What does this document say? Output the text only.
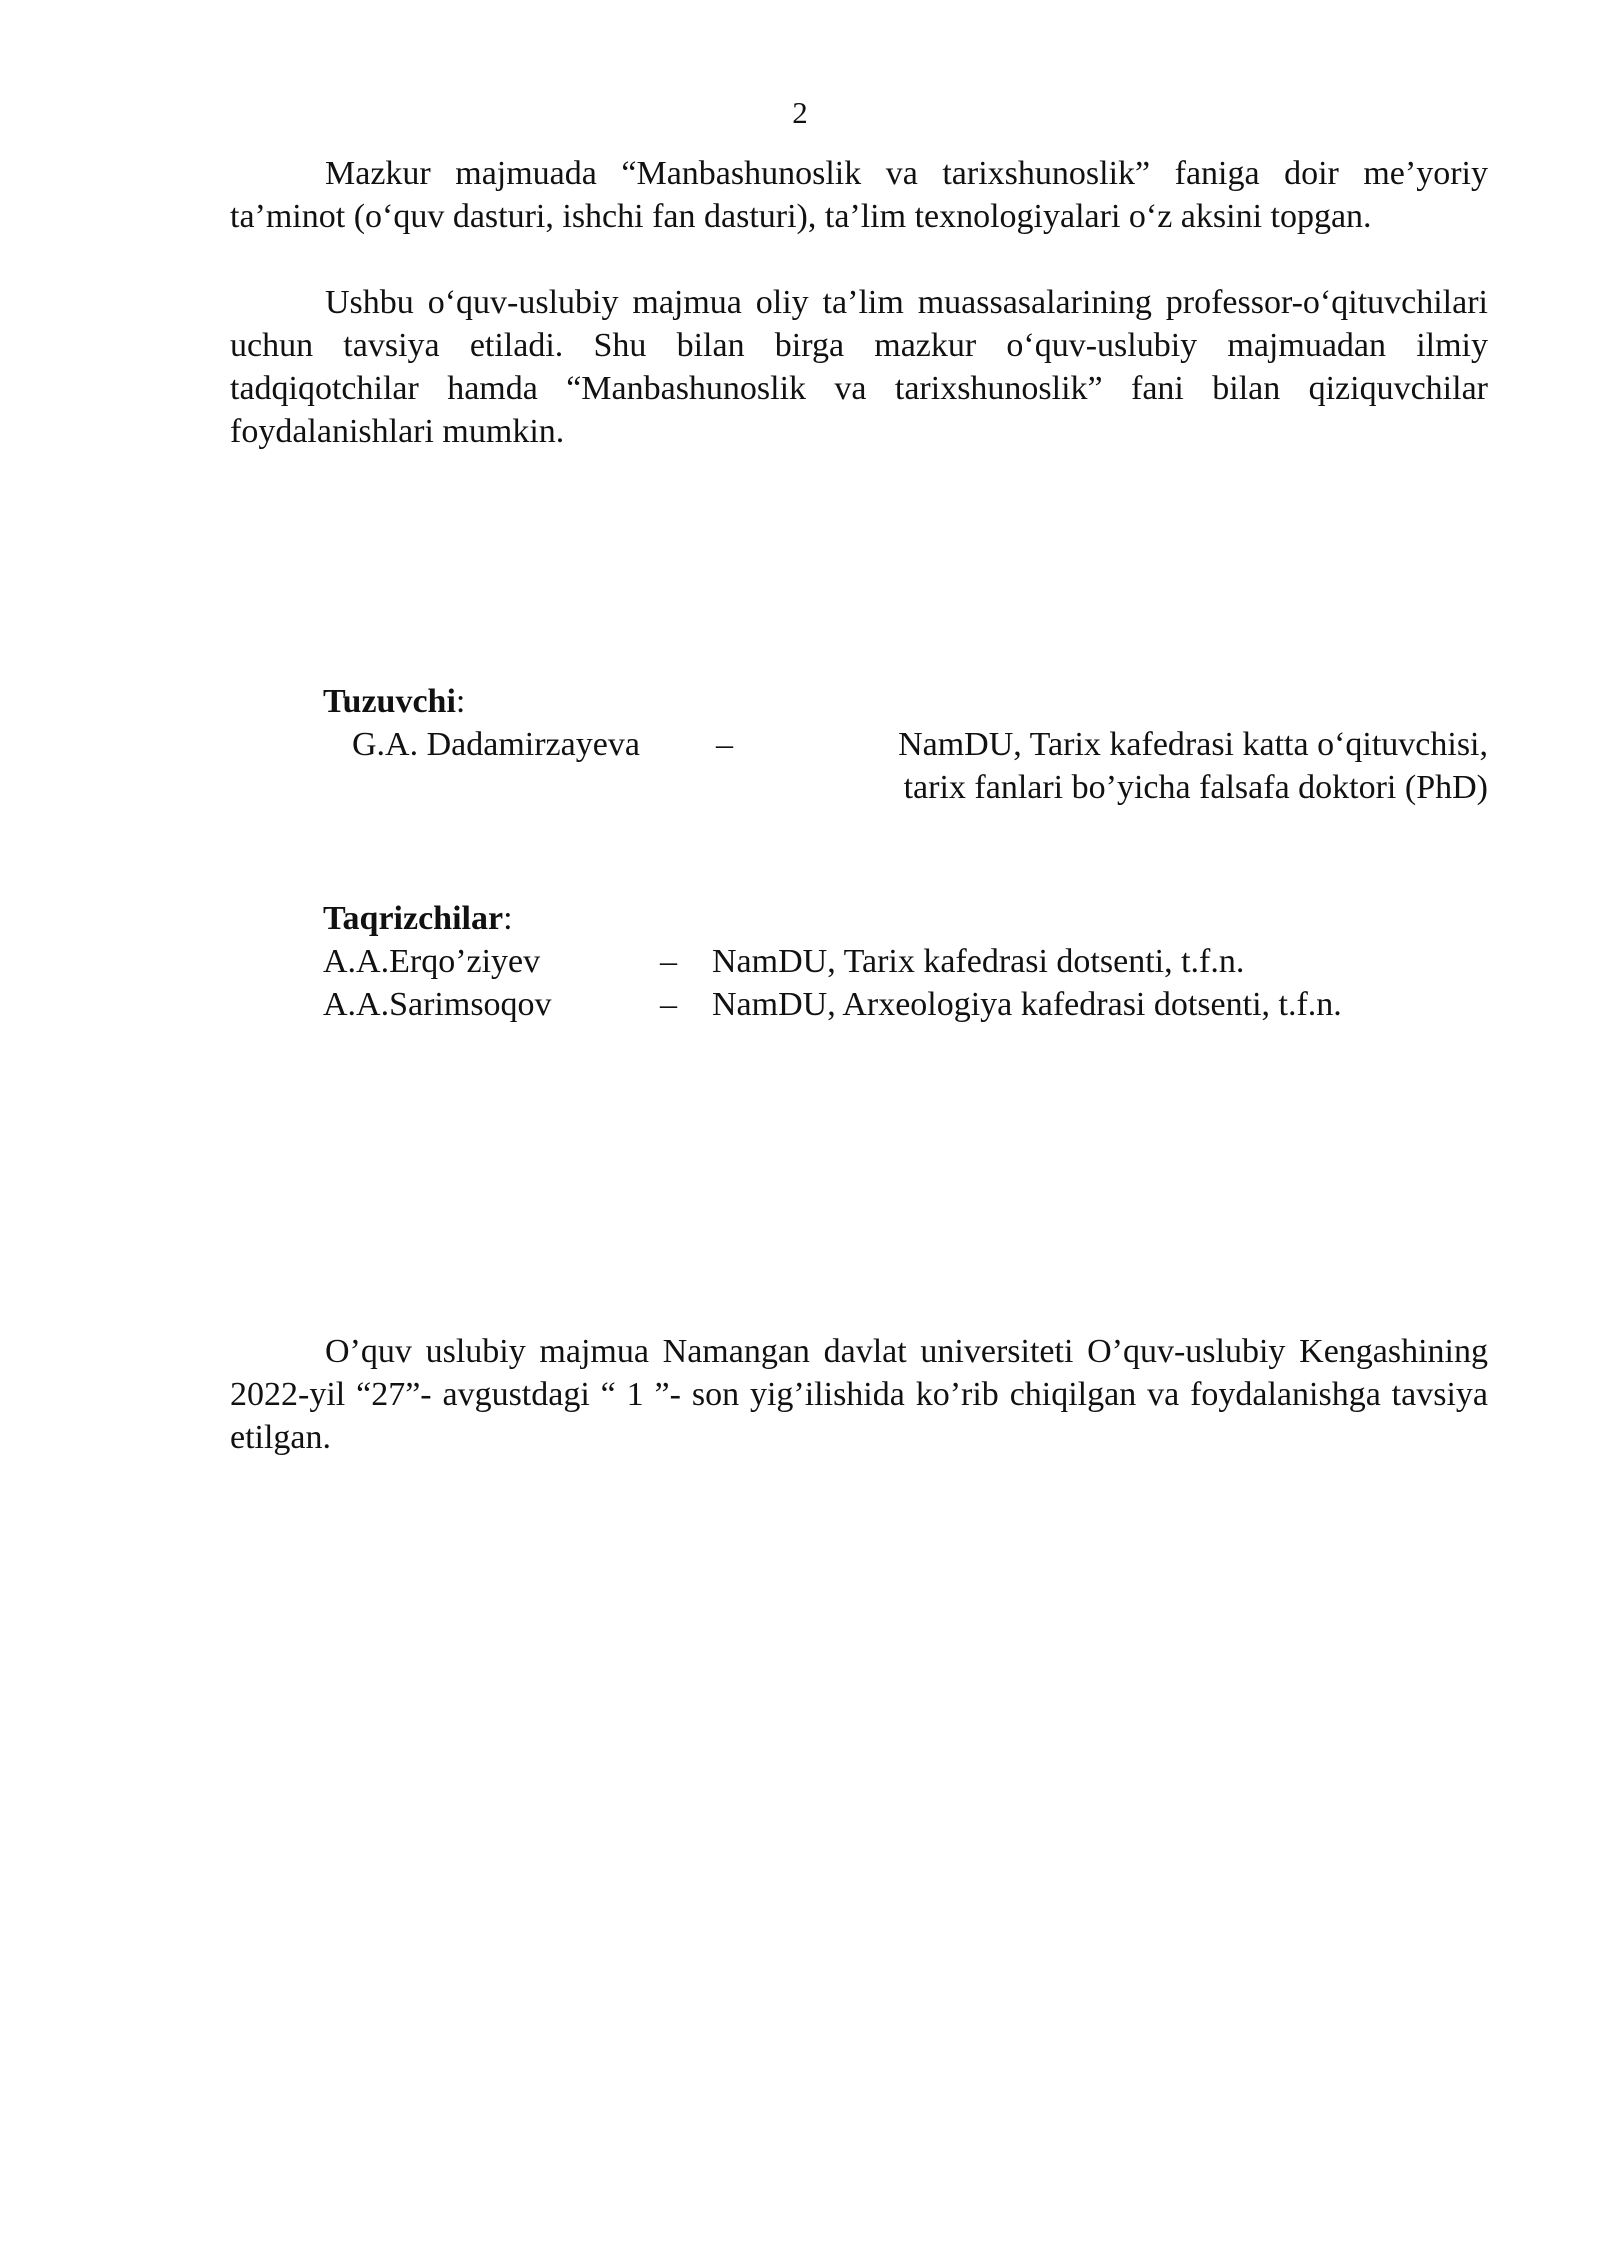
2

Mazkur majmuada “Manbashunoslik va tarixshunoslik” faniga doir me’yoriy ta’minot (o‘quv dasturi, ishchi fan dasturi), ta’lim texnologiyalari o‘z aksini topgan.

Ushbu o‘quv-uslubiy majmua oliy ta’lim muassasalarining professor-o‘qituvchilari uchun tavsiya etiladi. Shu bilan birga mazkur o‘quv-uslubiy majmuadan ilmiy tadqiqotchilar hamda “Manbashunoslik va tarixshunoslik” fani bilan qiziquvchilar foydalanishlari mumkin.

Tuzuvchi:

G.A. Dadamirzayeva –	NamDU, Tarix kafedrasi katta o‘qituvchisi,
tarix fanlari bo’yicha falsafa doktori (PhD)

Taqrizchilar:

A.A.Erqo’ziyev	– NamDU, Tarix kafedrasi dotsenti, t.f.n.
A.A.Sarimsoqov	– NamDU, Arxeologiya kafedrasi dotsenti, t.f.n.

O’quv uslubiy majmua Namangan davlat universiteti O’quv-uslubiy Kengashining 2022-yil “27”- avgustdagi “ 1 ”- son yig’ilishida ko’rib chiqilgan va foydalanishga tavsiya etilgan.
